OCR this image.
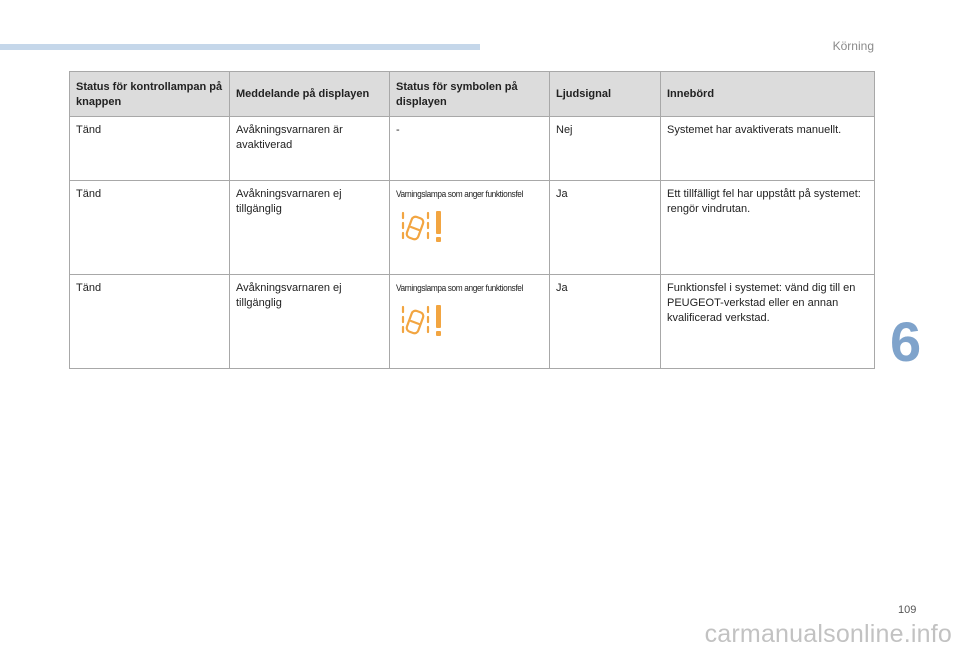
Körning
Status för kontrollampan på knappen	Meddelande på displayen	Status för symbolen på displayen	Ljudsignal	Innebörd
Tänd	Avåkningsvarnaren är avaktiverad	-	Nej	Systemet har avaktiverats manuellt.
Tänd	Avåkningsvarnaren ej tillgänglig	Varningslampa som anger funktionsfel	Ja	Ett tillfälligt fel har uppstått på systemet: rengör vindrutan.
Tänd	Avåkningsvarnaren ej tillgänglig	Varningslampa som anger funktionsfel	Ja	Funktionsfel i systemet: vänd dig till en PEUGEOT-verkstad eller en annan kvalificerad verkstad. 6
109
carmanualsonline.info
